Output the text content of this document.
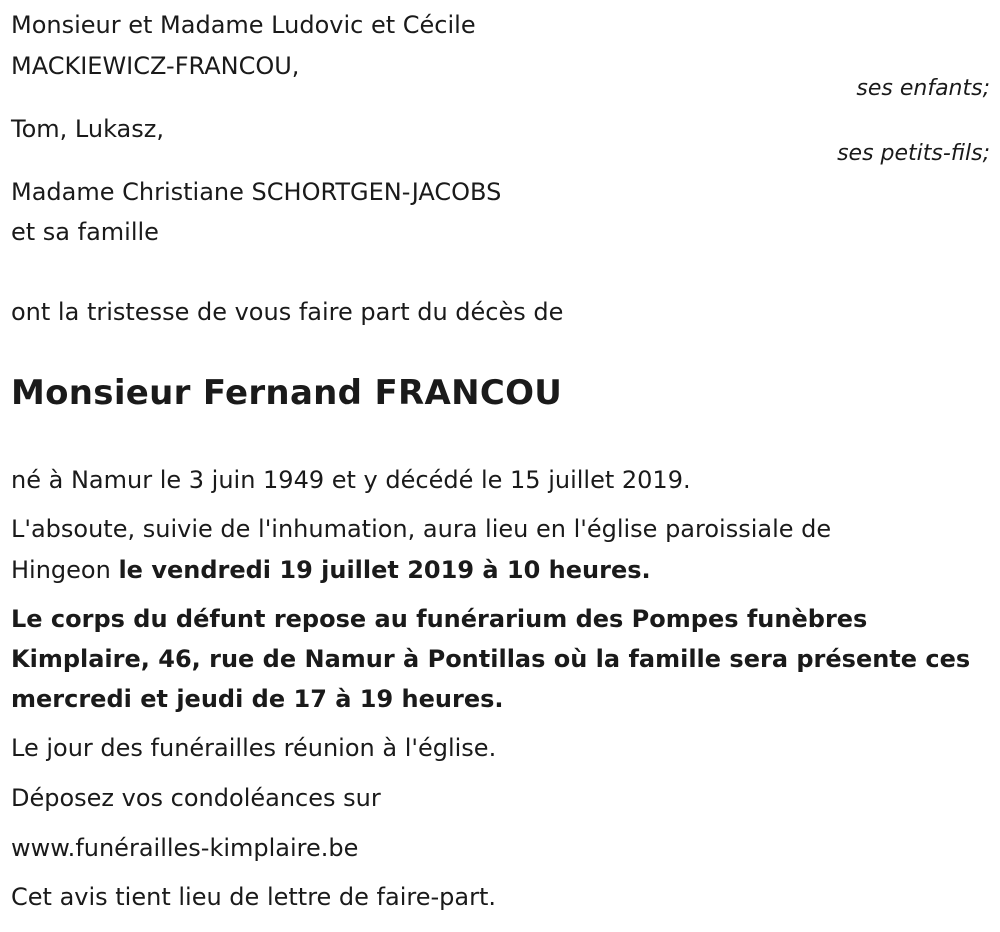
Monsieur et Madame Ludovic et Cécile
MACKIEWICZ-FRANCOU,
ses enfants;
Tom, Lukasz,
ses petits-fils;
Madame Christiane SCHORTGEN-JACOBS
et sa famille
ont la tristesse de vous faire part du décès de
Monsieur Fernand FRANCOU
né à Namur le 3 juin 1949 et y décédé le 15 juillet 2019.
L'absoute, suivie de l'inhumation, aura lieu en l'église paroissiale de
Hingeon le vendredi 19 juillet 2019 à 10 heures.
Le corps du défunt repose au funérarium des Pompes funèbres
Kimplaire, 46, rue de Namur à Pontillas où la famille sera présente ces
mercredi et jeudi de 17 à 19 heures.
Le jour des funérailles réunion à l'église.
Déposez vos condoléances sur
www.funérailles-kimplaire.be
Cet avis tient lieu de lettre de faire-part.
